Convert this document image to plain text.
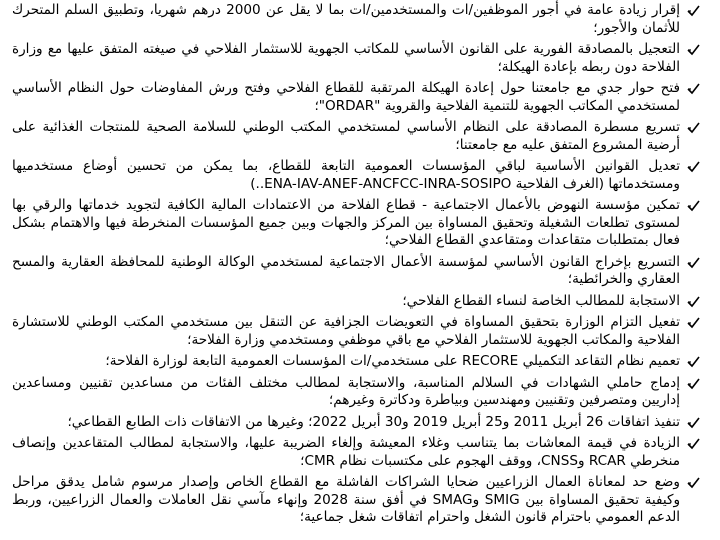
إقرار زيادة عامة في أجور الموظفين/ات والمستخدمين/ات بما لا يقل عن 2000 درهم شهريا، وتطبيق السلم المتحرك للأثمان والأجور؛
التعجيل بالمصادقة الفورية على القانون الأساسي للمكاتب الجهوية للاستثمار الفلاحي في صيغته المتفق عليها مع وزارة الفلاحة دون ربطه بإعادة الهيكلة؛
فتح حوار جدي مع جامعتنا حول إعادة الهيكلة المرتقبة للقطاع الفلاحي وفتح ورش المفاوضات حول النظام الأساسي لمستخدمي المكاتب الجهوية للتنمية الفلاحية والقروية "ORDAR"؛
تسريع مسطرة المصادقة على النظام الأساسي لمستخدمي المكتب الوطني للسلامة الصحية للمنتجات الغذائية على أرضية المشروع المتفق عليه مع جامعتنا؛
تعديل القوانين الأساسية لباقي المؤسسات العمومية التابعة للقطاع، بما يمكن من تحسين أوضاع مستخدميها ومستخدماتها (الغرف الفلاحية ENA-IAV-ANEF-ANCFCC-INRA-SOSIPO..)
تمكين مؤسسة النهوض بالأعمال الاجتماعية - قطاع الفلاحة من الاعتمادات المالية الكافية لتجويد خدماتها والرقي بها لمستوى تطلعات الشغيلة وتحقيق المساواة بين المركز والجهات وبين جميع المؤسسات المنخرطة فيها والاهتمام بشكل فعال بمتطلبات متقاعدات ومتقاعدي القطاع الفلاحي؛
التسريع بإخراج القانون الأساسي لمؤسسة الأعمال الاجتماعية لمستخدمي الوكالة الوطنية للمحافظة العقارية والمسح العقاري والخرائطية؛
الاستجابة للمطالب الخاصة لنساء القطاع الفلاحي؛
تفعيل التزام الوزارة بتحقيق المساواة في التعويضات الجزافية عن التنقل بين مستخدمي المكتب الوطني للاستشارة الفلاحية والمكاتب الجهوية للاستثمار الفلاحي مع باقي موظفي ومستخدمي وزارة الفلاحة؛
تعميم نظام التقاعد التكميلي RECORE على مستخدمي/ات المؤسسات العمومية التابعة لوزارة الفلاحة؛
إدماج حاملي الشهادات في السلالم المناسبة، والاستجابة لمطالب مختلف الفئات من مساعدين تقنيين ومساعدين إداريين ومتصرفين وتقنيين ومهندسين وبياطرة ودكاترة وغيرهم؛
تنفيذ اتفاقات 26 أبريل 2011 و25 أبريل 2019 و30 أبريل 2022؛ وغيرها من الاتفاقات ذات الطابع القطاعي؛
الزيادة في قيمة المعاشات بما يتناسب وغلاء المعيشة وإلغاء الضريبة عليها، والاستجابة لمطالب المتقاعدين وإنصاف منخرطي RCAR وCNSS، ووقف الهجوم على مكتسبات نظام CMR؛
وضع حد لمعاناة العمال الزراعيين ضحايا الشراكات الفاشلة مع القطاع الخاص وإصدار مرسوم شامل يدقق مراحل وكيفية تحقيق المساواة بين SMIG وSMAG في أفق سنة 2028 وإنهاء مآسي نقل العاملات والعمال الزراعيين، وربط الدعم العمومي باحترام قانون الشغل واحترام اتفاقات شغل جماعية؛
